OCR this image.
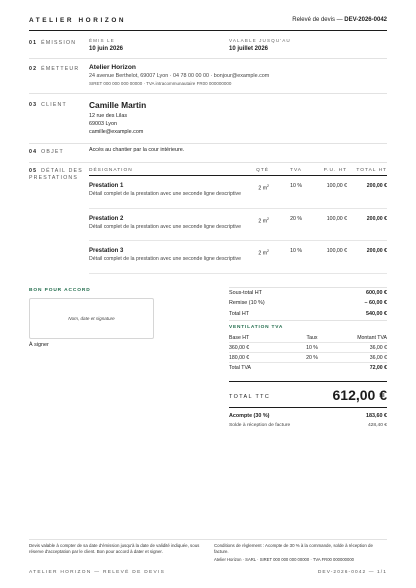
ATELIER HORIZON	Relevé de devis — DEV-2026-0042
01 ÉMISSION	ÉMIS LE
10 juin 2026
VALABLE JUSQU'AU
10 juillet 2026
02 ÉMETTEUR Atelier Horizon
24 avenue Berthelot, 69007 Lyon · 04 78 00 00 00 · bonjour@example.com
SIRET 000 000 000 00000 · TVA intracommunautaire FR00 000000000
03 CLIENT	Camille Martin
12 rue des Lilas
69003 Lyon
camille@example.com
04 OBJET	Accès au chantier par la cour intérieure.
05 DÉTAIL DES
PRESTATIONS
DÉSIGNATION	QTÉ	TVA	P.U. HT	TOTAL HT
Prestation 1
Détail complet de la prestation avec une seconde ligne descriptive
2 $m^2$	10 %	100,00 €	200,00 €
Prestation 2
Détail complet de la prestation avec une seconde ligne descriptive
2 $m^2$	20 %	100,00 €	200,00 €
Prestation 3
Détail complet de la prestation avec une seconde ligne descriptive
2 $m^2$	10 %	100,00 €	200,00 €
BON POUR ACCORD
Nom, date et signature
À signer
Sous-total HT	600,00 €
Remise (10 %)	– 60,00 €
Total HT	540,00 €
VENTILATION TVA
Base HT	Taux	Montant TVA
360,00 €	10 %	36,00 €
180,00 €	20 %	36,00 €
Total TVA	72,00 €
TOTAL TTC	612,00 €
Acompte (30 %)	183,60 €
Solde à réception de facture	428,40 €
Devis valable à compter de sa date d'émission jusqu'à la date de validité indiquée, sous réserve d'acceptation par le client. Bon pour accord à dater et signer.
Conditions de règlement : Acompte de 30 % à la commande, solde à réception de facture.
Atelier Horizon · SARL · SIRET 000 000 000 00000 · TVA FR00 000000000
ATELIER HORIZON — RELEVÉ DE DEVIS	DEV-2026-0042 — 1/1
